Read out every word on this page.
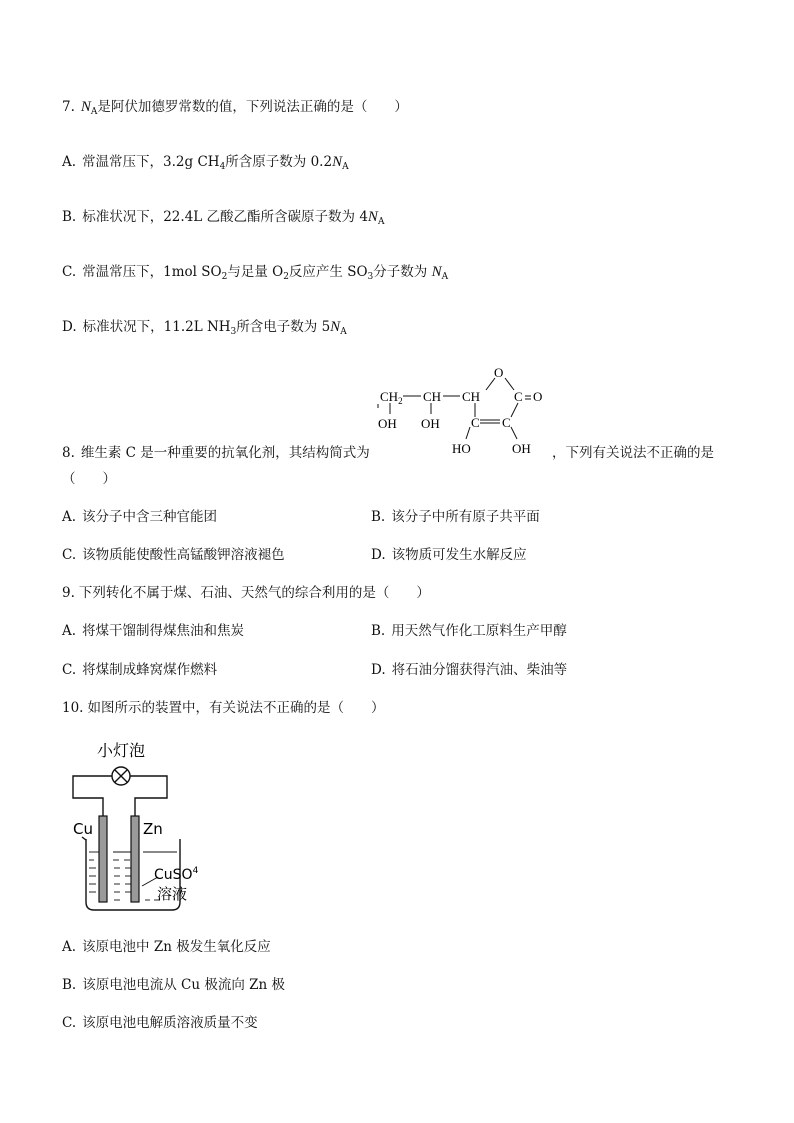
7. $N_A$是阿伏加德罗常数的值，下列说法正确的是（　　）
A. 常温常压下，3.2g $CH_4$所含原子数为 $0.2N_A$
B. 标准状况下，22.4L 乙酸乙酯所含碳原子数为 $4N_A$
C. 常温常压下，1mol $SO_2$与足量 $O_2$反应产生 $SO_3$分子数为 $N_A$
D. 标准状况下，11.2L $NH_3$所含电子数为 $5N_A$
$CH_2$ CH CH
O
C O
C C
OH OH
HO	OH
8. 维生素 C 是一种重要的抗氧化剂，其结构简式为	，下列有关说法不正确的是
（　　）
A. 该分子中含三种官能团	B. 该分子中所有原子共平面
C. 该物质能使酸性高锰酸钾溶液褪色	D. 该物质可发生水解反应
9. 下列转化不属于煤、石油、天然气的综合利用的是（　　）
A. 将煤干馏制得煤焦油和焦炭	B. 用天然气作化工原料生产甲醇
C. 将煤制成蜂窝煤作燃料	D. 将石油分馏获得汽油、柴油等
10. 如图所示的装置中，有关说法不正确的是（　　）
小灯泡
Cu	Zn
CuSO$^4$
溶液
A. 该原电池中 Zn 极发生氧化反应
B. 该原电池电流从 Cu 极流向 Zn 极
C. 该原电池电解质溶液质量不变
